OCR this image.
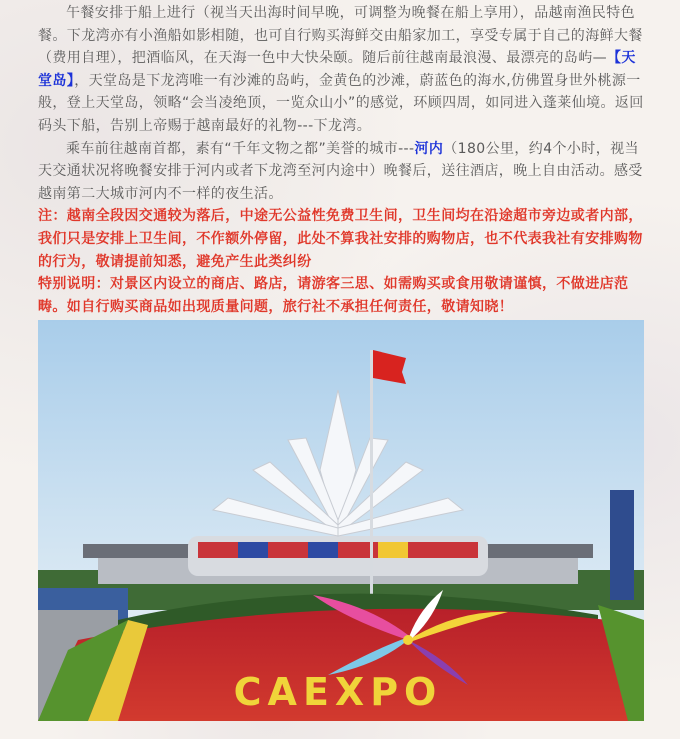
午餐安排于船上进行（视当天出海时间早晚，可调整为晚餐在船上享用），品越南渔民特色餐。下龙湾亦有小渔船如影相随，也可自行购买海鲜交由船家加工，享受专属于自己的海鲜大餐（费用自理），把酒临风，在天海一色中大快朵颐。随后前往越南最浪漫、最漂亮的岛屿—【天堂岛】，天堂岛是下龙湾唯一有沙滩的岛屿，金黄色的沙滩，蔚蓝色的海水,仿佛置身世外桃源一般，登上天堂岛，领略“会当凌绝顶，一览众山小”的感觉，环顾四周，如同进入蓬莱仙境。返回码头下船，告别上帝赐于越南最好的礼物---下龙湾。

乘车前往越南首都，素有“千年文物之都”美誉的城市---河内（180公里，约4个小时，视当天交通状况将晚餐安排于河内或者下龙湾至河内途中）晚餐后，送往酒店，晚上自由活动。感受越南第二大城市河内不一样的夜生活。

注：越南全段因交通较为落后，中途无公益性免费卫生间，卫生间均在沿途超市旁边或者内部，我们只是安排上卫生间，不作额外停留，此处不算我社安排的购物店，也不代表我社有安排购物的行为，敬请提前知悉，避免产生此类纠纷

特别说明：对景区内设立的商店、路店，请游客三思、如需购买或食用敬请谨慎，不做进店范畴。如自行购买商品如出现质量问题，旅行社不承担任何责任，敬请知晓！

CAEXPO
